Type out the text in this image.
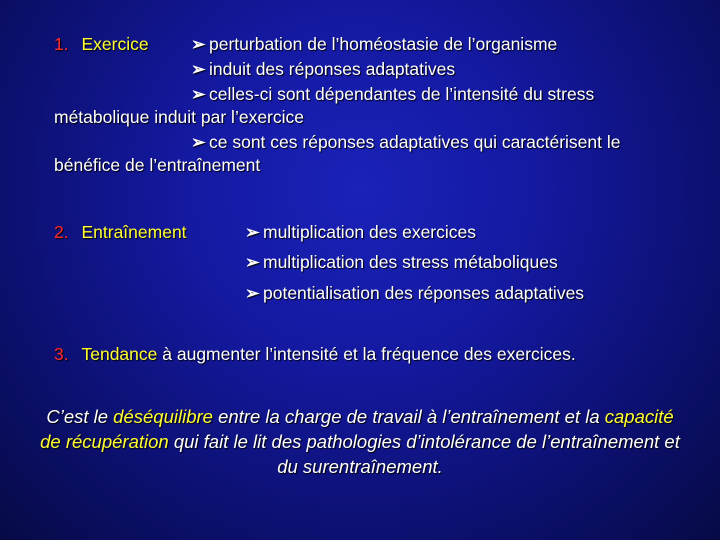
1. Exercice ➢ perturbation de l’homéostasie de l’organisme
➢ induit des réponses adaptatives
➢ celles-ci sont dépendantes de l’intensité du stress
métabolique induit par l’exercice
➢ ce sont ces réponses adaptatives qui caractérisent le
bénéfice de l’entraînement
2. Entraînement	➢ multiplication des exercices
➢ multiplication des stress métaboliques
➢ potentialisation des réponses adaptatives
3. Tendance à augmenter l’intensité et la fréquence des exercices.
C’est le déséquilibre entre la charge de travail à l’entraînement et la capacité de récupération qui fait le lit des pathologies d’intolérance de l’entraînement et du surentraînement.
